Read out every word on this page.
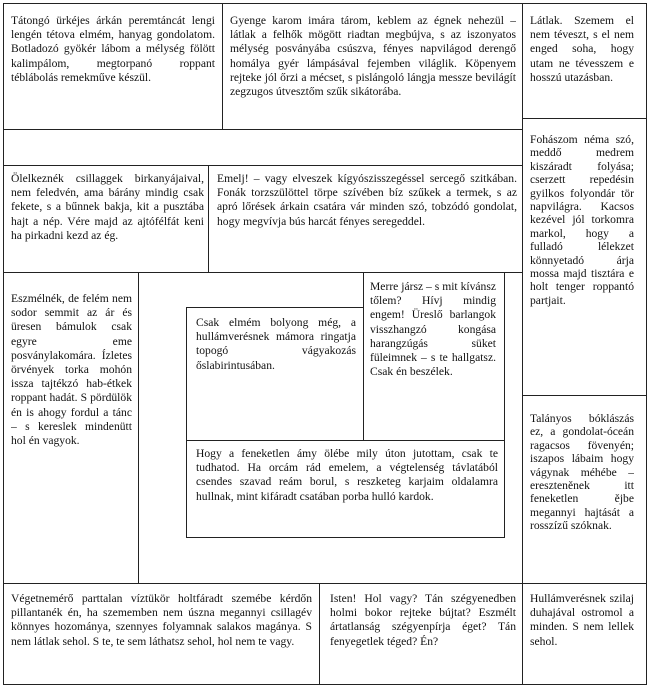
Tátongó ürkéjes árkán peremtáncát lengi lengén tétova elmém, hanyag gondolatom. Botladozó gyökér lábom a mélység fölött kalimpálom, megtorpanó roppant téblábolás remekműve készül.
Gyenge karom imára tárom, keblem az égnek nehezül – látlak a felhők mögött riadtan megbújva, s az iszonyatos mélység posványába csúszva, fényes napvilágod derengő homálya gyér lámpásával fejemben világlik. Köpenyem rejteke jól őrzi a mécset, s pislángoló lángja messze bevilágít zegzugos útvesztőm szűk sikátorába.
Látlak. Szemem el nem téveszt, s el nem enged soha, hogy utam ne tévesszem e hosszú utazásban.
Ölelkeznék csillaggek birkanyájaival, nem feledvén, ama bárány mindig csak fekete, s a bűnnek bakja, kit a pusztába hajt a nép. Vére majd az ajtófélfát keni ha pirkadni kezd az ég.
Emelj! – vagy elveszek kígyószisszegéssel sercegő szitkában. Fonák torzszülöttel törpe szívében bíz szűkek a termek, s az apró lőrések árkain csatára vár minden szó, tobzódó gondolat, hogy megvívja bús harcát fényes seregeddel.
Fohászom néma szó, meddő medrem kiszáradt folyása; cserzett repedésin gyilkos folyondár tör napvilágra. Kacsos kezével jól torkomra markol, hogy a fulladó lélekzet könnyetadó árja mossa majd tisztára e holt tenger roppantó partjait.
Eszmélnék, de felém nem sodor semmit az ár és üresen bámulok csak egyre eme posványlakomára. Ízletes örvények torka mohón issza tajtékzó hab-étkek roppant hadát. S pördülök én is ahogy fordul a tánc – s kereslek mindenütt hol én vagyok.
Merre jársz – s mit kívánsz tőlem? Hívj mindig engem! Üreslő barlangok visszhangzó kongása harangzúgás süket füleimnek – s te hallgatsz. Csak én beszélek.
Csak elmém bolyong még, a hullámverésnek mámora ringatja topogó vágyakozás őslabirintusában.
Hogy a feneketlen ámy ölébe mily úton jutottam, csak te tudhatod. Ha orcám rád emelem, a végtelenség távlatából csendes szavad reám borul, s reszketeg karjaim oldalamra hullnak, mint kifáradt csatában porba hulló kardok.
Talányos bóklászás ez, a gondolat-óceán ragacsos fövenyén; iszapos lábaim hogy vágynak méhébe – ereszteněnek itt feneketlen ějbe megannyi hajtását a rosszízű szóknak.
Végetnemérő parttalan víztükör holtfáradt szemébe kérdőn pillantanék én, ha szememben nem úszna megannyi csillagév könnyes hozománya, szennyes folyamnak salakos magánya. S nem látlak sehol. S te, te sem láthatsz sehol, hol nem te vagy.
Isten! Hol vagy? Tán szégyenedben holmi bokor rejteke bújtat? Eszmélt ártatlanság szégyenpírja éget? Tán fenyegetlek téged? Én?
Hullámverésnek szilaj duhajával ostromol a minden. S nem lellek sehol.
